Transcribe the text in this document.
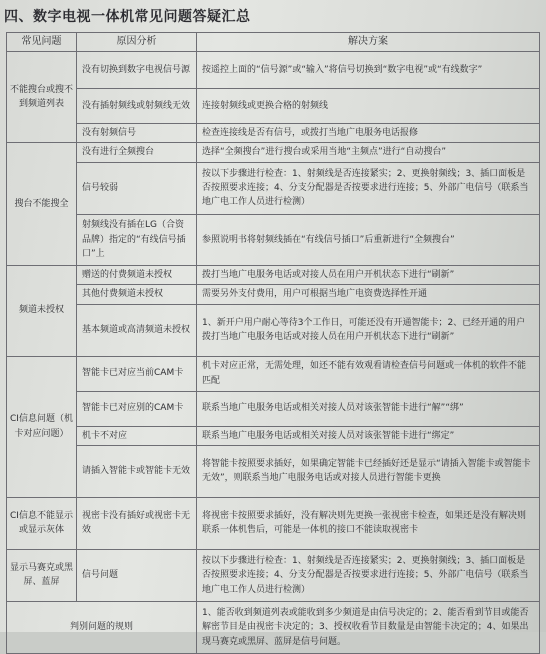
四、数字电视一体机常见问题答疑汇总
常见问题	原因分析	解决方案
不能搜台或搜不到频道列表	没有切换到数字电视信号源	按遥控上面的“信号源”或“输入”将信号切换到“数字电视”或“有线数字”
	没有插射频线或射频线无效	连接射频线或更换合格的射频线
	没有射频信号	检查连接线是否有信号，或拨打当地广电服务电话报修
搜台不能搜全	没有进行全频搜台	选择“全频搜台”进行搜台或采用当地“主频点”进行“自动搜台”
	信号较弱	按以下步骤进行检查：1、射频线是否连接紧实；2、更换射频线；3、插口面板是否按照要求连接；4、分支分配器是否按要求进行连接；5、外部广电信号（联系当地广电工作人员进行检测）
	射频线没有插在LG（合资品牌）指定的“有线信号插口”上	参照说明书将射频线插在“有线信号插口”后重新进行“全频搜台”
频道未授权	赠送的付费频道未授权	拨打当地广电服务电话或对接人员在用户开机状态下进行“刷新”
	其他付费频道未授权	需要另外支付费用，用户可根据当地广电资费选择性开通
	基本频道或高清频道未授权	1、新开户用户耐心等待3个工作日，可能还没有开通智能卡；2、已经开通的用户拨打当地广电服务电话或对接人员在用户开机状态下进行“刷新”
CI信息问题（机卡对应问题）	智能卡已对应当前CAM卡	机卡对应正常，无需处理，如还不能有效观看请检查信号问题或一体机的软件不能匹配
	智能卡已对应别的CAM卡	联系当地广电服务电话或相关对接人员对该张智能卡进行“解”“绑”
	机卡不对应	联系当地广电服务电话或相关对接人员对该张智能卡进行“绑定”
	请插入智能卡或智能卡无效	将智能卡按照要求插好，如果确定智能卡已经插好还是显示“请插入智能卡或智能卡无效”，则联系当地广电服务电话或对接人员进行智能卡更换
CI信息不能显示或显示灰体	视密卡没有插好或视密卡无效	将视密卡按照要求插好，没有解决则先更换一张视密卡检查，如果还是没有解决则联系一体机售后，可能是一体机的接口不能读取视密卡
显示马赛克或黑屏、蓝屏	信号问题	按以下步骤进行检查：1、射频线是否连接紧实；2、更换射频线；3、插口面板是否按照要求连接；4、分支分配器是否按要求进行连接；5、外部广电信号（联系当地广电工作人员进行检测）
判别问题的规则		1、能否收到频道列表或能收到多少频道是由信号决定的；2、能否看到节目或能否解密节目是由视密卡决定的；3、授权收看节目数量是由智能卡决定的；4、如果出现马赛克或黑屏、蓝屏是信号问题。
